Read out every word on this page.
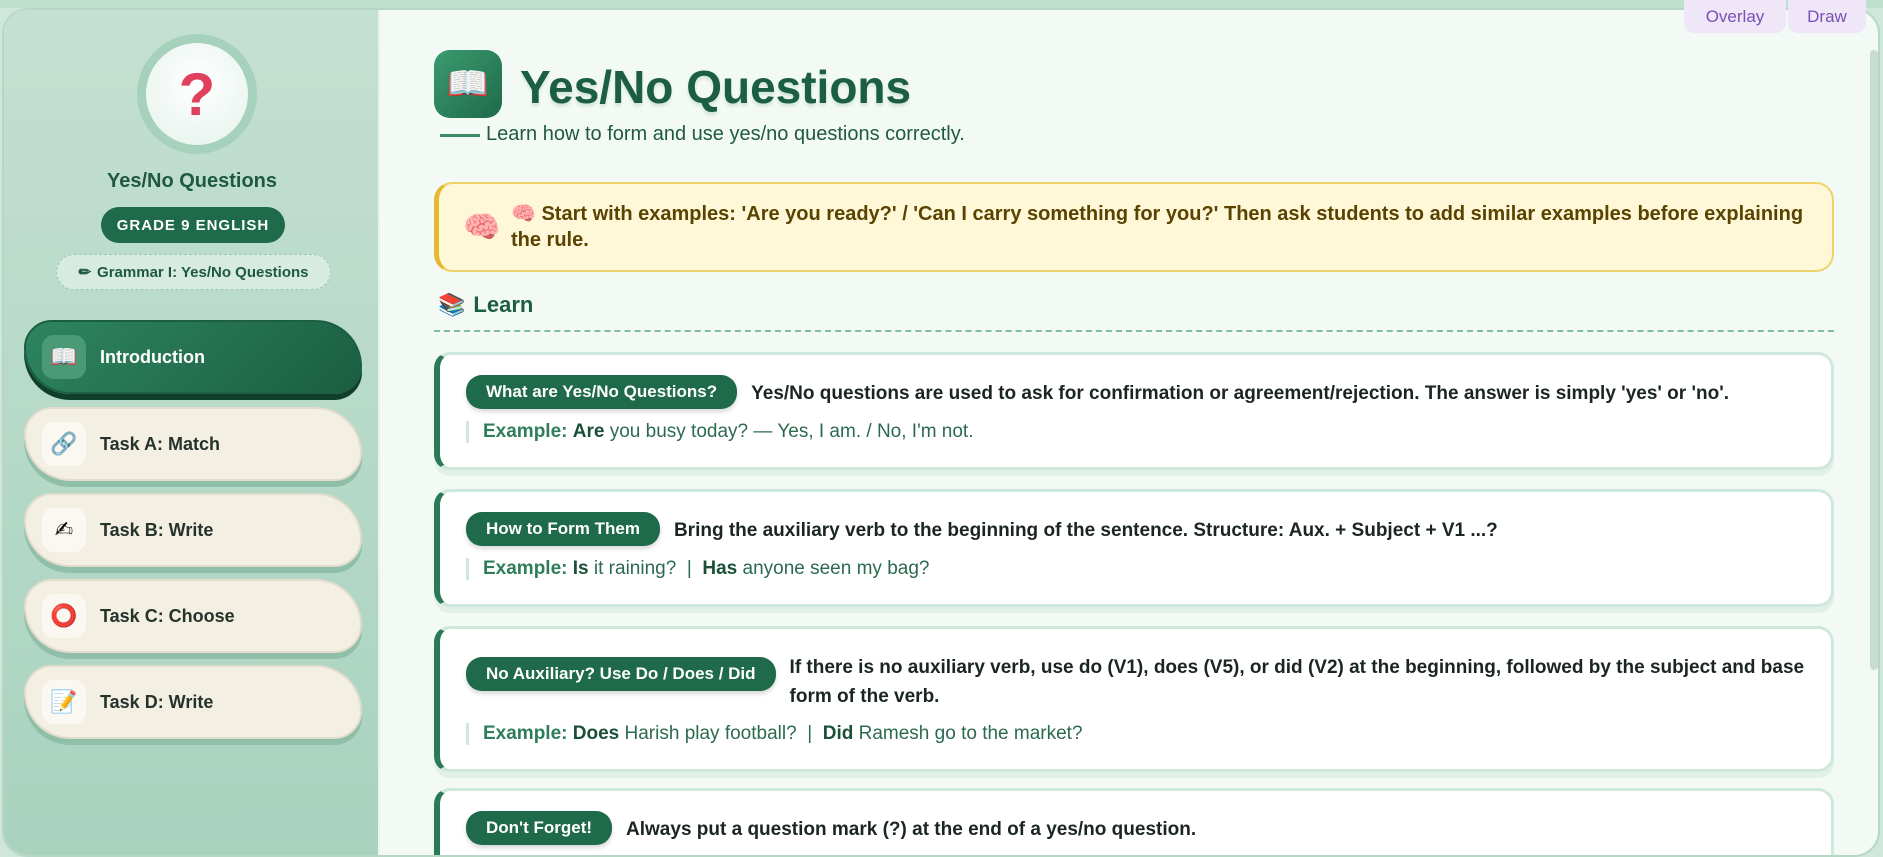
?
Yes/No Questions
GRADE 9 ENGLISH
✏ Grammar I: Yes/No Questions
📖	Introduction
🔗	Task A: Match
✍	Task B: Write
⭕	Task C: Choose
📝	Task D: Write
📖 Yes/No Questions
Learn how to form and use yes/no questions correctly.
🧠 🧠 Start with examples: 'Are you ready?' / 'Can I carry something for you?' Then ask students to add similar examples before explaining the rule.
📚 Learn
What are Yes/No Questions?	Yes/No questions are used to ask for confirmation or agreement/rejection. The answer is simply 'yes' or 'no'.
Example: Are you busy today? — Yes, I am. / No, I'm not.
How to Form Them	Bring the auxiliary verb to the beginning of the sentence. Structure: Aux. + Subject + V1 ...?
Example: Is it raining?  |  Has anyone seen my bag?
No Auxiliary? Use Do / Does / Did	If there is no auxiliary verb, use do (V1), does (V5), or did (V2) at the beginning, followed by the subject and base form of the verb.
Example: Does Harish play football?  |  Did Ramesh go to the market?
Don't Forget!	Always put a question mark (?) at the end of a yes/no question.
Overlay	Draw
